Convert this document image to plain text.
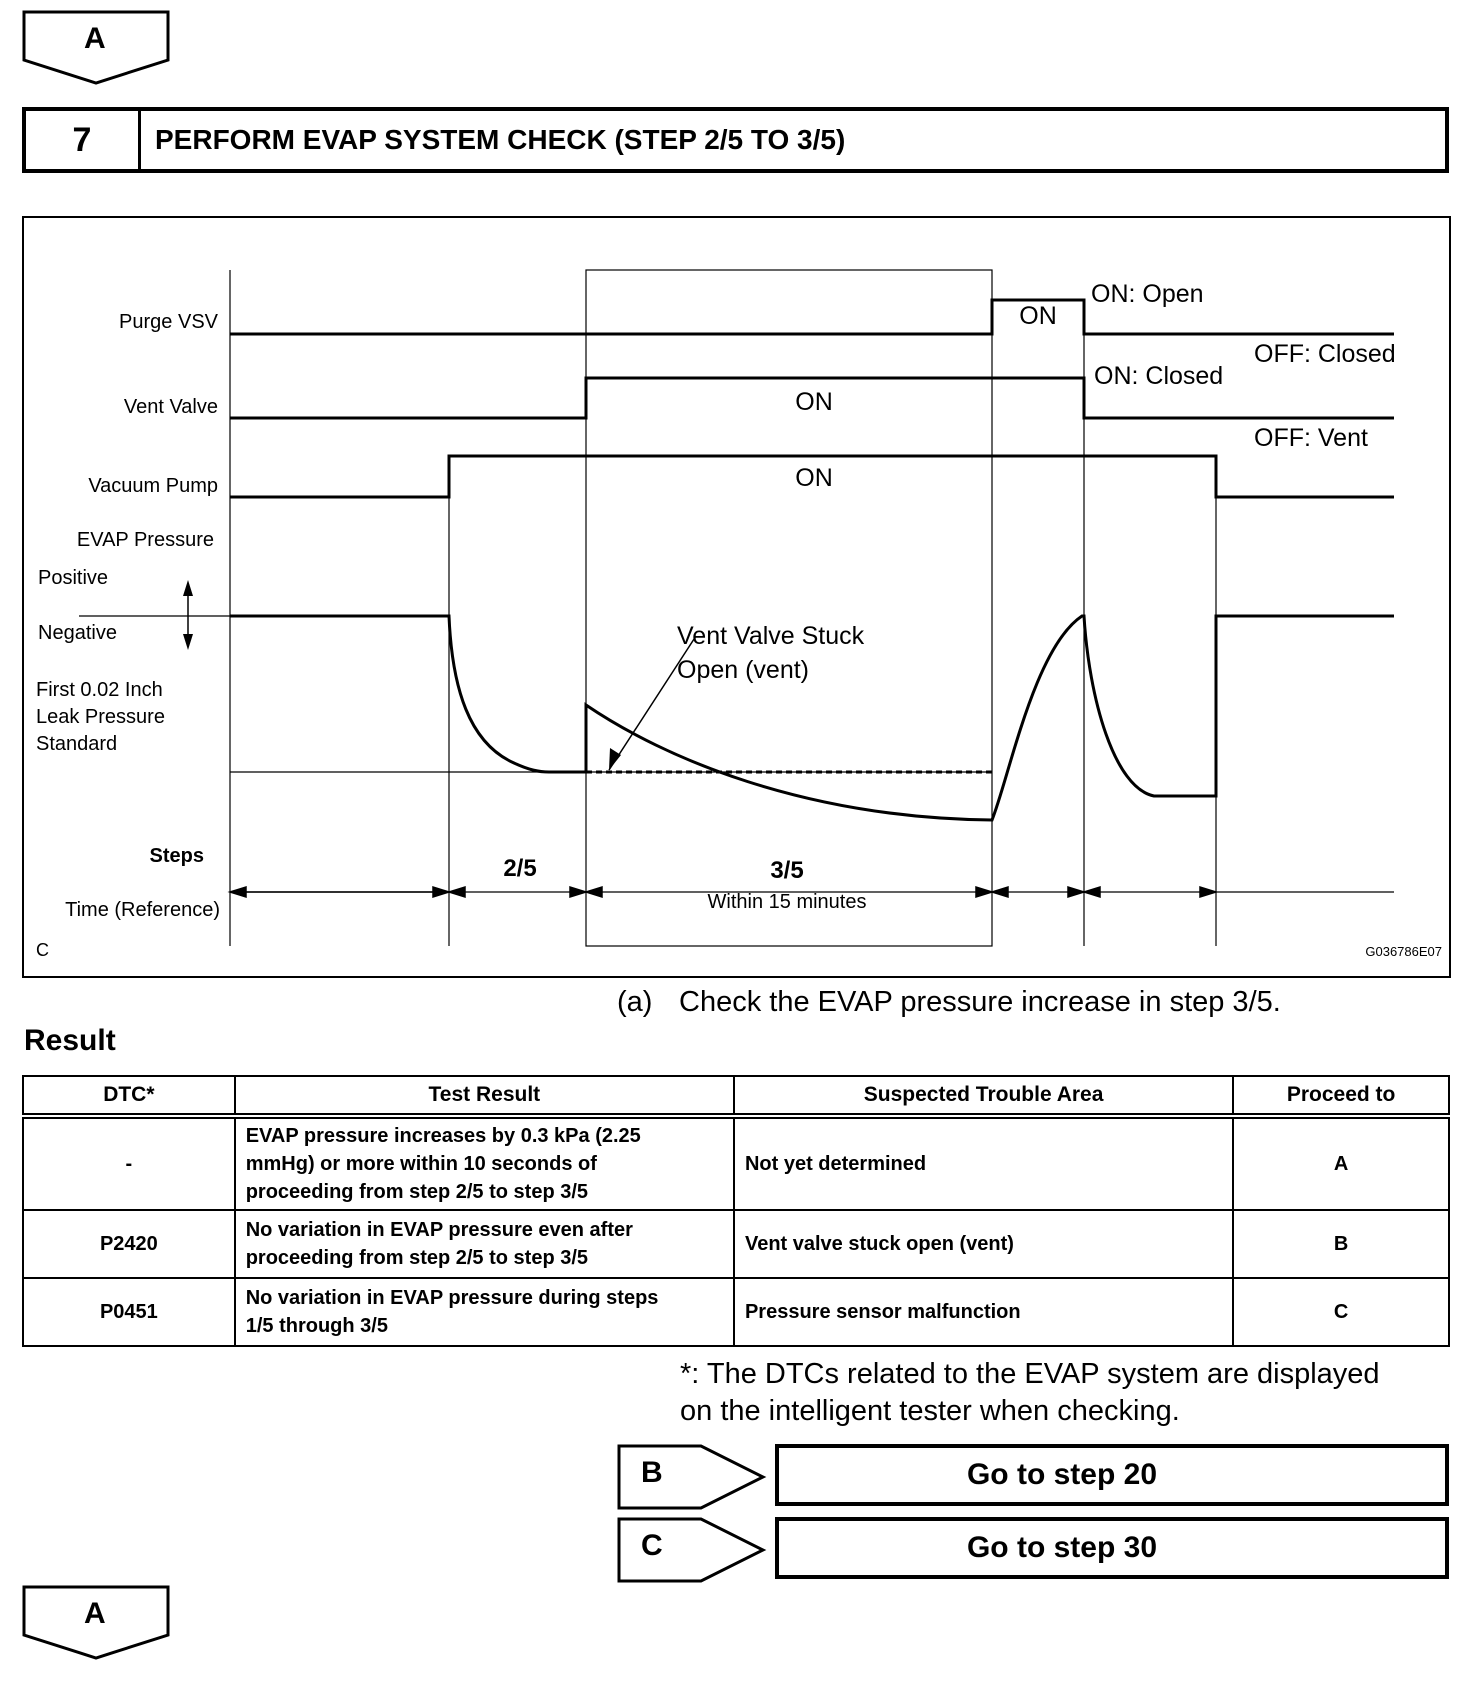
A
7	PERFORM EVAP SYSTEM CHECK (STEP 2/5 TO 3/5)
Purge VSV
Vent Valve
Vacuum Pump
EVAP Pressure
Positive
Negative
First 0.02 Inch
Leak Pressure
Standard
Steps
Time (Reference)
ON
ON
ON
ON: Open
OFF: Closed
ON: Closed
OFF: Vent
Vent Valve Stuck
Open (vent)
2/5	3/5
Within 15 minutes
C	G036786E07
(a) Check the EVAP pressure increase in step 3/5.
Result
DTC*	Test Result	Suspected Trouble Area	Proceed to
-	EVAP pressure increases by 0.3 kPa (2.25
mmHg) or more within 10 seconds of
proceeding from step 2/5 to step 3/5	Not yet determined	A
P2420	No variation in EVAP pressure even after
proceeding from step 2/5 to step 3/5	Vent valve stuck open (vent)	B
P0451	No variation in EVAP pressure during steps
1/5 through 3/5	Pressure sensor malfunction	C
*: The DTCs related to the EVAP system are displayed
on the intelligent tester when checking.
B	Go to step 20
C	Go to step 30
A
